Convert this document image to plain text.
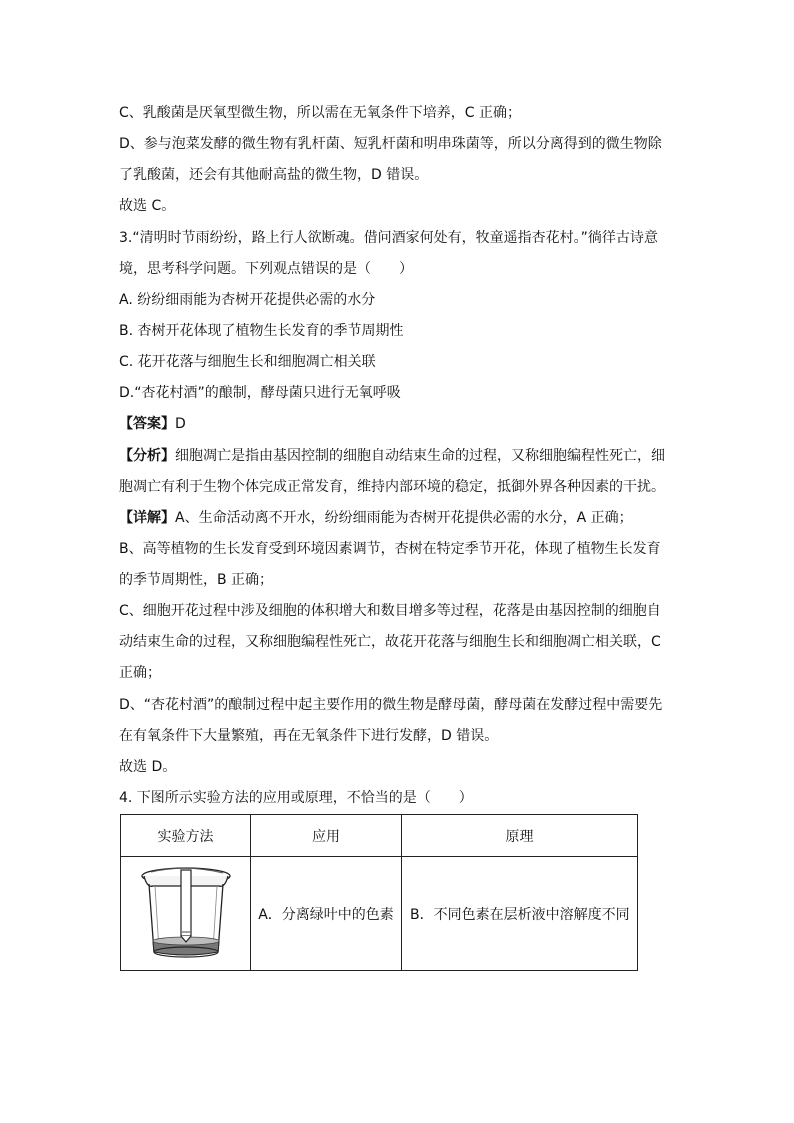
C、乳酸菌是厌氧型微生物，所以需在无氧条件下培养，C 正确；
D、参与泡菜发酵的微生物有乳杆菌、短乳杆菌和明串珠菌等，所以分离得到的微生物除
了乳酸菌，还会有其他耐高盐的微生物，D 错误。
故选 C。
3.“清明时节雨纷纷，路上行人欲断魂。借问酒家何处有，牧童遥指杏花村。”徜徉古诗意
境，思考科学问题。下列观点错误的是（　　）
A. 纷纷细雨能为杏树开花提供必需的水分
B. 杏树开花体现了植物生长发育的季节周期性
C. 花开花落与细胞生长和细胞凋亡相关联
D.“杏花村酒”的酿制，酵母菌只进行无氧呼吸
【答案】D
【分析】细胞凋亡是指由基因控制的细胞自动结束生命的过程，又称细胞编程性死亡，细
胞凋亡有利于生物个体完成正常发育，维持内部环境的稳定，抵御外界各种因素的干扰。
【详解】A、生命活动离不开水，纷纷细雨能为杏树开花提供必需的水分，A 正确；
B、高等植物的生长发育受到环境因素调节，杏树在特定季节开花，体现了植物生长发育
的季节周期性，B 正确；
C、细胞开花过程中涉及细胞的体积增大和数目增多等过程，花落是由基因控制的细胞自
动结束生命的过程，又称细胞编程性死亡，故花开花落与细胞生长和细胞凋亡相关联，C
正确；
D、“杏花村酒”的酿制过程中起主要作用的微生物是酵母菌，酵母菌在发酵过程中需要先
在有氧条件下大量繁殖，再在无氧条件下进行发酵，D 错误。
故选 D。
4. 下图所示实验方法的应用或原理，不恰当的是（　　）
实验方法	应用	原理
	A．分离绿叶中的色素	B．不同色素在层析液中溶解度不同
